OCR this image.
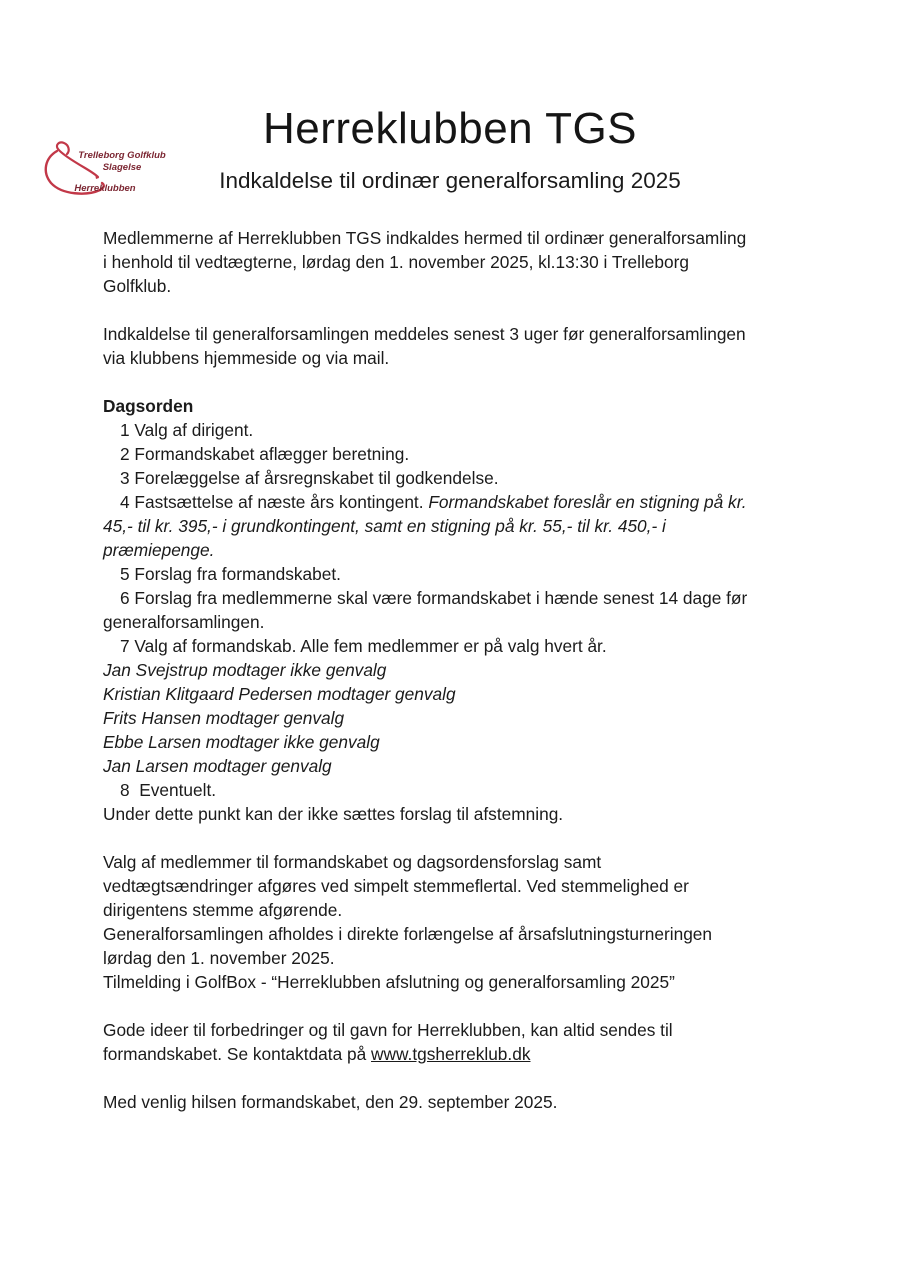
Trelleborg Golfklub
Slagelse
Herreklubben
Herreklubben TGS
Indkaldelse til ordinær generalforsamling 2025
Medlemmerne af Herreklubben TGS indkaldes hermed til ordinær generalforsamling
i henhold til vedtægterne, lørdag den 1. november 2025, kl.13:30 i Trelleborg
Golfklub.
Indkaldelse til generalforsamlingen meddeles senest 3 uger før generalforsamlingen
via klubbens hjemmeside og via mail.
Dagsorden
1 Valg af dirigent.
2 Formandskabet aflægger beretning.
3 Forelæggelse af årsregnskabet til godkendelse.
4 Fastsættelse af næste års kontingent. Formandskabet foreslår en stigning på kr.
45,- til kr. 395,- i grundkontingent, samt en stigning på kr. 55,- til kr. 450,- i
præmiepenge.
5 Forslag fra formandskabet.
6 Forslag fra medlemmerne skal være formandskabet i hænde senest 14 dage før
generalforsamlingen.
7 Valg af formandskab. Alle fem medlemmer er på valg hvert år.
Jan Svejstrup modtager ikke genvalg
Kristian Klitgaard Pedersen modtager genvalg
Frits Hansen modtager genvalg
Ebbe Larsen modtager ikke genvalg
Jan Larsen modtager genvalg
8  Eventuelt.
Under dette punkt kan der ikke sættes forslag til afstemning.
Valg af medlemmer til formandskabet og dagsordensforslag samt
vedtægtsændringer afgøres ved simpelt stemmeflertal. Ved stemmelighed er
dirigentens stemme afgørende.
Generalforsamlingen afholdes i direkte forlængelse af årsafslutningsturneringen
lørdag den 1. november 2025.
Tilmelding i GolfBox - “Herreklubben afslutning og generalforsamling 2025”
Gode ideer til forbedringer og til gavn for Herreklubben, kan altid sendes til
formandskabet. Se kontaktdata på www.tgsherreklub.dk
Med venlig hilsen formandskabet, den 29. september 2025.
